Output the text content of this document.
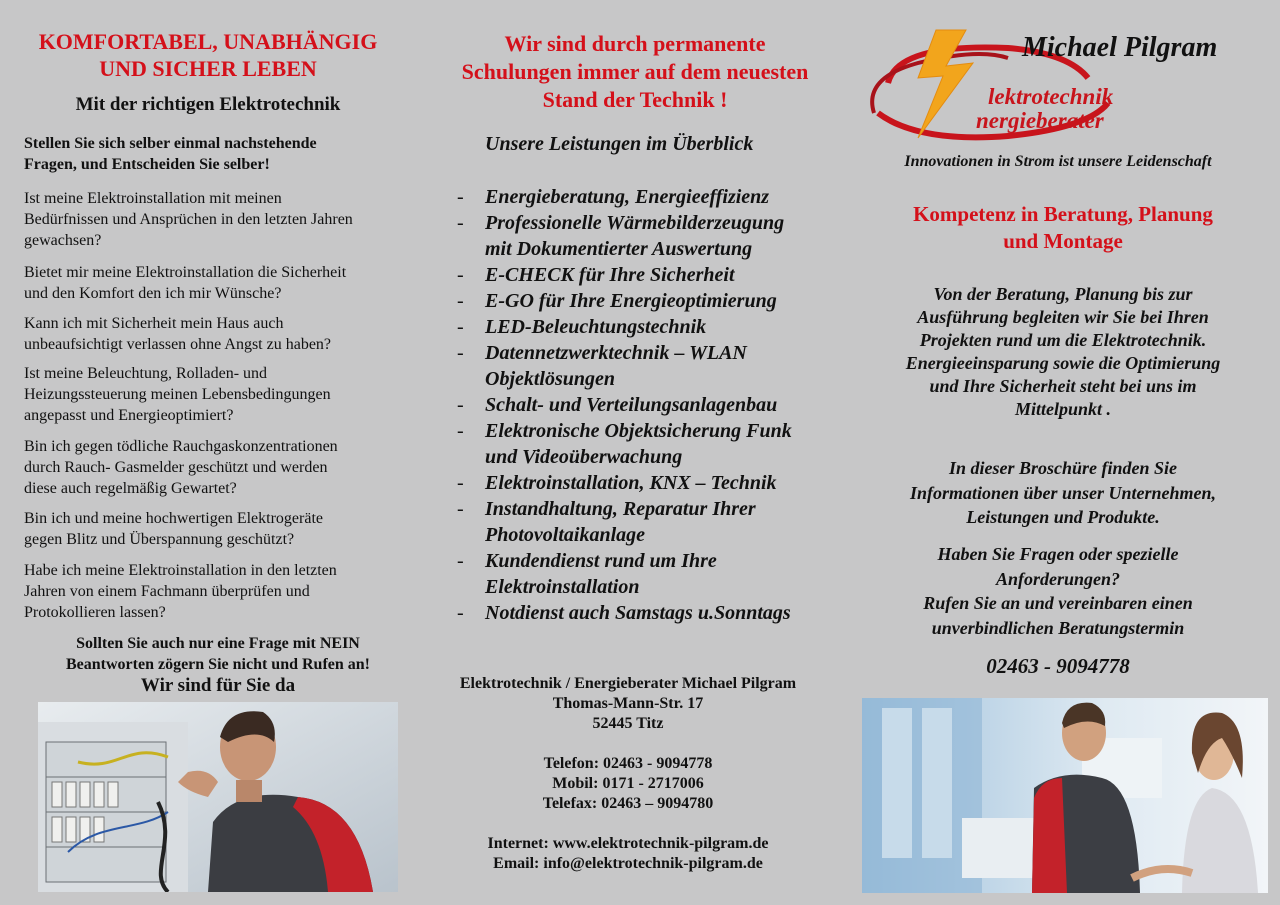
KOMFORTABEL, UNABHÄNGIG
UND SICHER LEBEN
Mit der richtigen Elektrotechnik
Stellen Sie sich selber einmal nachstehende
Fragen, und Entscheiden Sie selber!
Ist meine Elektroinstallation mit meinen
Bedürfnissen und Ansprüchen in den letzten Jahren
gewachsen?
Bietet mir meine Elektroinstallation die Sicherheit
und den Komfort den ich mir Wünsche?
Kann ich mit Sicherheit mein Haus auch
unbeaufsichtigt verlassen ohne Angst zu haben?
Ist meine Beleuchtung, Rolladen- und
Heizungssteuerung meinen Lebensbedingungen
angepasst und Energieoptimiert?
Bin ich gegen tödliche Rauchgaskonzentrationen
durch Rauch- Gasmelder geschützt und werden
diese auch regelmäßig Gewartet?
Bin ich und meine hochwertigen Elektrogeräte
gegen Blitz und Überspannung geschützt?
Habe ich meine Elektroinstallation in den letzten
Jahren von einem Fachmann überprüfen und
Protokollieren lassen?
Sollten Sie auch nur eine Frage mit NEIN
Beantworten zögern Sie nicht und Rufen an!
Wir sind für Sie da
Wir sind durch permanente
Schulungen immer auf dem neuesten
Stand der Technik !
Unsere Leistungen im Überblick
- Energieberatung, Energieeffizienz
- Professionelle Wärmebilderzeugung
mit Dokumentierter Auswertung
- E-CHECK für Ihre Sicherheit
- E-GO für Ihre Energieoptimierung
- LED-Beleuchtungstechnik
- Datennetzwerktechnik – WLAN
Objektlösungen
- Schalt- und Verteilungsanlagenbau
- Elektronische Objektsicherung Funk
und Videoüberwachung
- Elektroinstallation, KNX – Technik
- Instandhaltung, Reparatur Ihrer
Photovoltaikanlage
- Kundendienst rund um Ihre
Elektroinstallation
- Notdienst auch Samstags u.Sonntags
Elektrotechnik / Energieberater Michael Pilgram
Thomas-Mann-Str. 17
52445 Titz
Telefon: 02463 - 9094778
Mobil: 0171 - 2717006
Telefax: 02463 – 9094780
Internet: www.elektrotechnik-pilgram.de
Email: info@elektrotechnik-pilgram.de
Michael Pilgram
lektrotechnik
nergieberater
Innovationen in Strom ist unsere Leidenschaft
Kompetenz in Beratung, Planung
und Montage
Von der Beratung, Planung bis zur
Ausführung begleiten wir Sie bei Ihren
Projekten rund um die Elektrotechnik.
Energieeinsparung sowie die Optimierung
und Ihre Sicherheit steht bei uns im
Mittelpunkt .
In dieser Broschüre finden Sie
Informationen über unser Unternehmen,
Leistungen und Produkte.
Haben Sie Fragen oder spezielle
Anforderungen?
Rufen Sie an und vereinbaren einen
unverbindlichen Beratungstermin
02463 - 9094778
